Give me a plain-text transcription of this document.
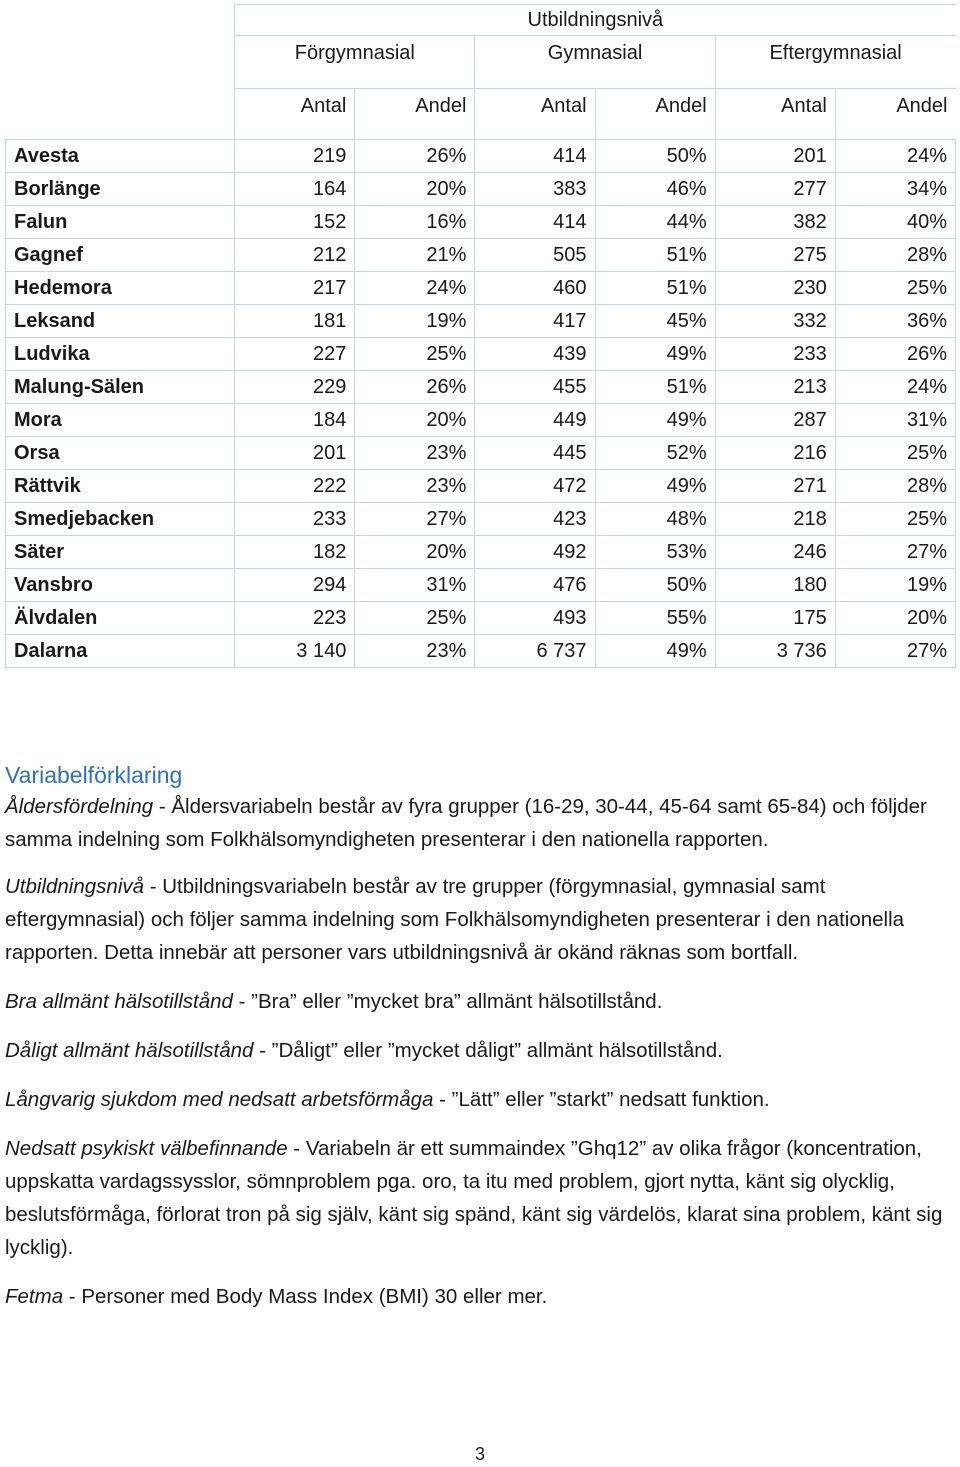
	Utbildningsnivå					
	Förgymnasial		Gymnasial		Eftergymnasial	

	Antal	Andel	Antal	Andel	Antal	Andel

Avesta	219	26%	414	50%	201	24%
Borlänge	164	20%	383	46%	277	34%
Falun	152	16%	414	44%	382	40%
Gagnef	212	21%	505	51%	275	28%
Hedemora	217	24%	460	51%	230	25%
Leksand	181	19%	417	45%	332	36%
Ludvika	227	25%	439	49%	233	26%
Malung-Sälen	229	26%	455	51%	213	24%
Mora	184	20%	449	49%	287	31%
Orsa	201	23%	445	52%	216	25%
Rättvik	222	23%	472	49%	271	28%
Smedjebacken	233	27%	423	48%	218	25%
Säter	182	20%	492	53%	246	27%
Vansbro	294	31%	476	50%	180	19%
Älvdalen	223	25%	493	55%	175	20%
Dalarna	3 140	23%	6 737	49%	3 736	27%
Variabelförklaring

Åldersfördelning - Åldersvariabeln består av fyra grupper (16-29, 30-44, 45-64 samt 65-84) och följder samma indelning som Folkhälsomyndigheten presenterar i den nationella rapporten.

Utbildningsnivå - Utbildningsvariabeln består av tre grupper (förgymnasial, gymnasial samt eftergymnasial) och följer samma indelning som Folkhälsomyndigheten presenterar i den nationella rapporten. Detta innebär att personer vars utbildningsnivå är okänd räknas som bortfall.

Bra allmänt hälsotillstånd - ”Bra” eller ”mycket bra” allmänt hälsotillstånd.

Dåligt allmänt hälsotillstånd - ”Dåligt” eller ”mycket dåligt” allmänt hälsotillstånd.

Långvarig sjukdom med nedsatt arbetsförmåga - ”Lätt” eller ”starkt” nedsatt funktion.

Nedsatt psykiskt välbefinnande - Variabeln är ett summaindex ”Ghq12” av olika frågor (koncentration, uppskatta vardagssysslor, sömnproblem pga. oro, ta itu med problem, gjort nytta, känt sig olycklig, beslutsförmåga, förlorat tron på sig själv, känt sig spänd, känt sig värdelös, klarat sina problem, känt sig lycklig).

Fetma - Personer med Body Mass Index (BMI) 30 eller mer.

3
